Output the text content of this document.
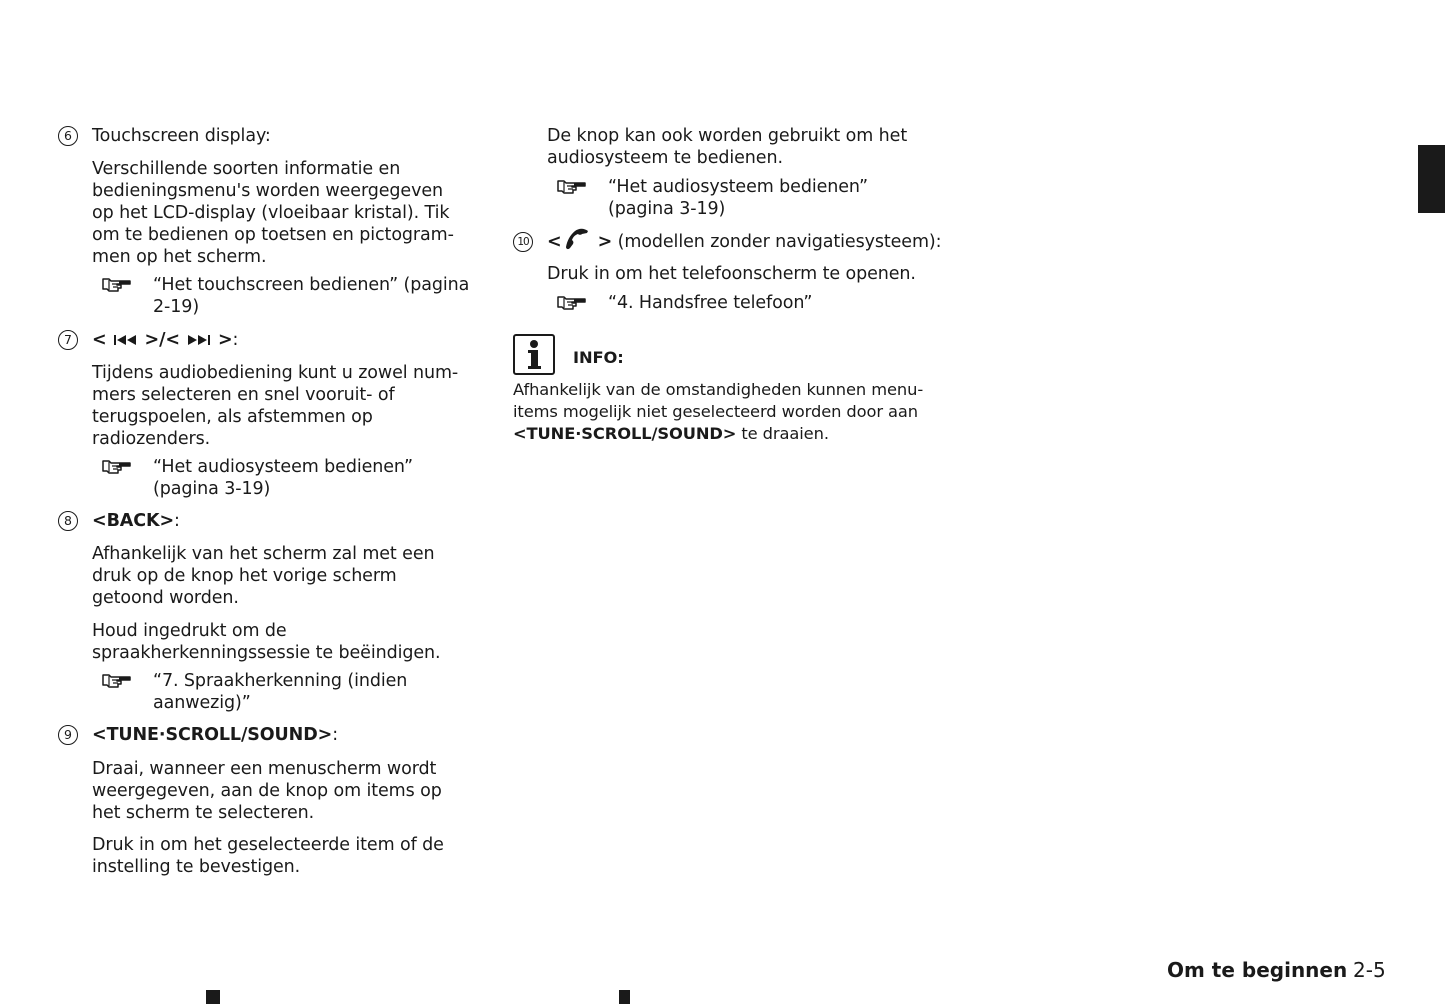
6	Touchscreen display:
Verschillende soorten informatie en
bedieningsmenu's worden weergegeven
op het LCD-display (vloeibaar kristal). Tik
om te bedienen op toetsen en pictogram-
men op het scherm.
“Het touchscreen bedienen” (pagina
2-19)
7	<  >/<  >:
Tijdens audiobediening kunt u zowel num-
mers selecteren en snel vooruit- of
terugspoelen, als afstemmen op
radiozenders.
“Het audiosysteem bedienen”
(pagina 3-19)
8	<BACK>:
Afhankelijk van het scherm zal met een
druk op de knop het vorige scherm
getoond worden.
Houd ingedrukt om de
spraakherkenningssessie te beëindigen.
“7. Spraakherkenning (indien
aanwezig)”
9	<TUNE·SCROLL/SOUND>:
Draai, wanneer een menuscherm wordt
weergegeven, aan de knop om items op
het scherm te selecteren.
Druk in om het geselecteerde item of de
instelling te bevestigen.
De knop kan ook worden gebruikt om het
audiosysteem te bedienen.
“Het audiosysteem bedienen”
(pagina 3-19)
10 < > (modellen zonder navigatiesysteem):
Druk in om het telefoonscherm te openen.
“4. Handsfree telefoon”
INFO:
Afhankelijk van de omstandigheden kunnen menu-
items mogelijk niet geselecteerd worden door aan
<TUNE·SCROLL/SOUND> te draaien.
Om te beginnen 2-5
